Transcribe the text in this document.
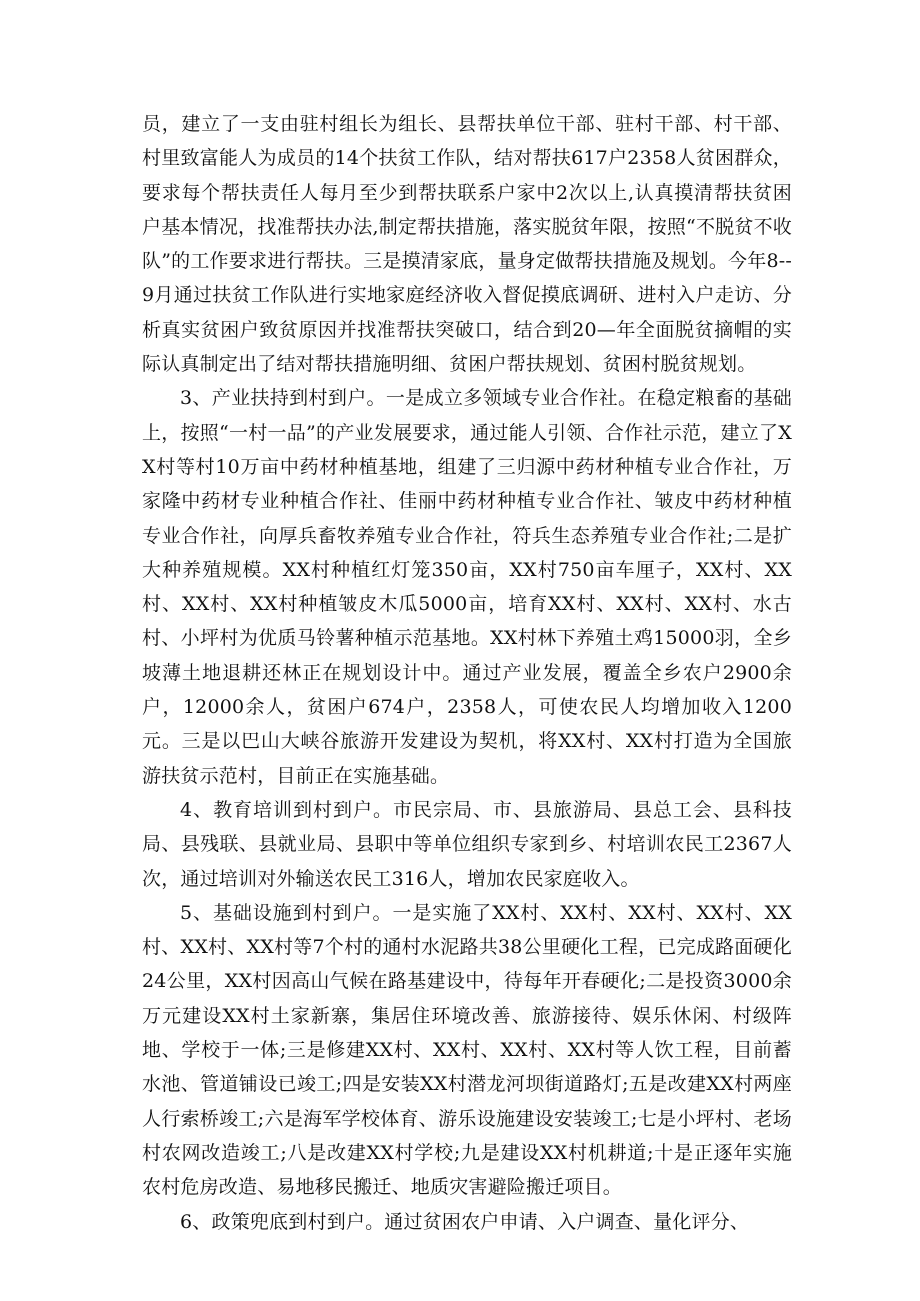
员，建立了一支由驻村组长为组长、县帮扶单位干部、驻村干部、村干部、村里致富能人为成员的14个扶贫工作队，结对帮扶617户2358人贫困群众，要求每个帮扶责任人每月至少到帮扶联系户家中2次以上,认真摸清帮扶贫困户基本情况，找准帮扶办法,制定帮扶措施，落实脱贫年限，按照“不脱贫不收队”的工作要求进行帮扶。三是摸清家底，量身定做帮扶措施及规划。今年8--9月通过扶贫工作队进行实地家庭经济收入督促摸底调研、进村入户走访、分析真实贫困户致贫原因并找准帮扶突破口，结合到20—年全面脱贫摘帽的实际认真制定出了结对帮扶措施明细、贫困户帮扶规划、贫困村脱贫规划。

3、产业扶持到村到户。一是成立多领域专业合作社。在稳定粮畜的基础上，按照“一村一品”的产业发展要求，通过能人引领、合作社示范，建立了XX村等村10万亩中药材种植基地，组建了三归源中药材种植专业合作社，万家隆中药材专业种植合作社、佳丽中药材种植专业合作社、皱皮中药材种植专业合作社，向厚兵畜牧养殖专业合作社，符兵生态养殖专业合作社;二是扩大种养殖规模。XX村种植红灯笼350亩，XX村750亩车厘子，XX村、XX村、XX村、XX村种植皱皮木瓜5000亩，培育XX村、XX村、XX村、水古村、小坪村为优质马铃薯种植示范基地。XX村林下养殖土鸡15000羽，全乡坡薄土地退耕还林正在规划设计中。通过产业发展，覆盖全乡农户2900余户，12000余人，贫困户674户，2358人，可使农民人均增加收入1200元。三是以巴山大峡谷旅游开发建设为契机，将XX村、XX村打造为全国旅游扶贫示范村，目前正在实施基础。

4、教育培训到村到户。市民宗局、市、县旅游局、县总工会、县科技局、县残联、县就业局、县职中等单位组织专家到乡、村培训农民工2367人次，通过培训对外输送农民工316人，增加农民家庭收入。

5、基础设施到村到户。一是实施了XX村、XX村、XX村、XX村、XX村、XX村、XX村等7个村的通村水泥路共38公里硬化工程，已完成路面硬化24公里，XX村因高山气候在路基建设中，待每年开春硬化;二是投资3000余万元建设XX村土家新寨，集居住环境改善、旅游接待、娱乐休闲、村级阵地、学校于一体;三是修建XX村、XX村、XX村、XX村等人饮工程，目前蓄水池、管道铺设已竣工;四是安装XX村潜龙河坝街道路灯;五是改建XX村两座人行索桥竣工;六是海军学校体育、游乐设施建设安装竣工;七是小坪村、老场村农网改造竣工;八是改建XX村学校;九是建设XX村机耕道;十是正逐年实施农村危房改造、易地移民搬迁、地质灾害避险搬迁项目。

6、政策兜底到村到户。通过贫困农户申请、入户调查、量化评分、
